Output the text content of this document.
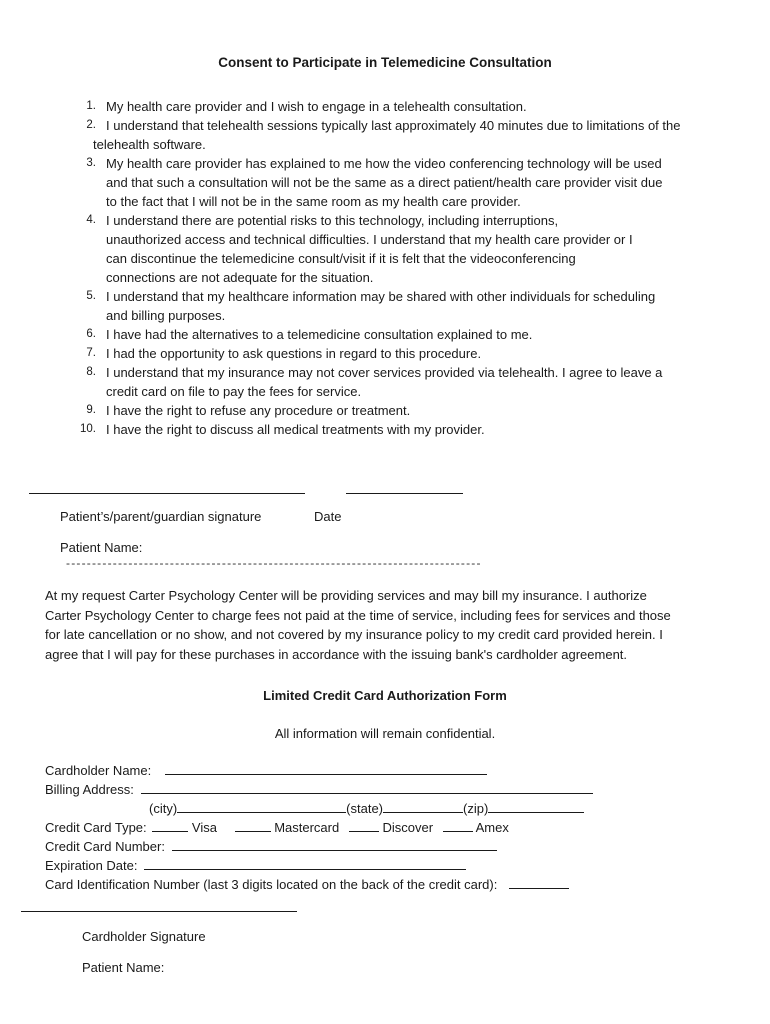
Consent to Participate in Telemedicine Consultation
1. My health care provider and I wish to engage in a telehealth consultation.
2. I understand that telehealth sessions typically last approximately 40 minutes due to limitations of the
telehealth software.
3. My health care provider has explained to me how the video conferencing technology will be used
and that such a consultation will not be the same as a direct patient/health care provider visit due
to the fact that I will not be in the same room as my health care provider.
4. I understand there are potential risks to this technology, including interruptions,
unauthorized access and technical difficulties. I understand that my health care provider or I
can discontinue the telemedicine consult/visit if it is felt that the videoconferencing
connections are not adequate for the situation.
5. I understand that my healthcare information may be shared with other individuals for scheduling
and billing purposes.
6. I have had the alternatives to a telemedicine consultation explained to me.
7. I had the opportunity to ask questions in regard to this procedure.
8. I understand that my insurance may not cover services provided via telehealth. I agree to leave a
credit card on file to pay the fees for service.
9. I have the right to refuse any procedure or treatment.
10. I have the right to discuss all medical treatments with my provider.
Patient’s/parent/guardian signature	Date
Patient Name:
--------------------------------------------------------------------------------
At my request Carter Psychology Center will be providing services and may bill my insurance. I authorize
Carter Psychology Center to charge fees not paid at the time of service, including fees for services and those
for late cancellation or no show, and not covered by my insurance policy to my credit card provided herein. I
agree that I will pay for these purchases in accordance with the issuing bank's cardholder agreement.
Limited Credit Card Authorization Form
All information will remain confidential.
Cardholder Name:
Billing Address:
(city)	(state)	(zip)
Credit Card Type:	Visa	Mastercard	Discover	Amex
Credit Card Number:
Expiration Date:
Card Identification Number (last 3 digits located on the back of the credit card):
Cardholder Signature
Patient Name:
